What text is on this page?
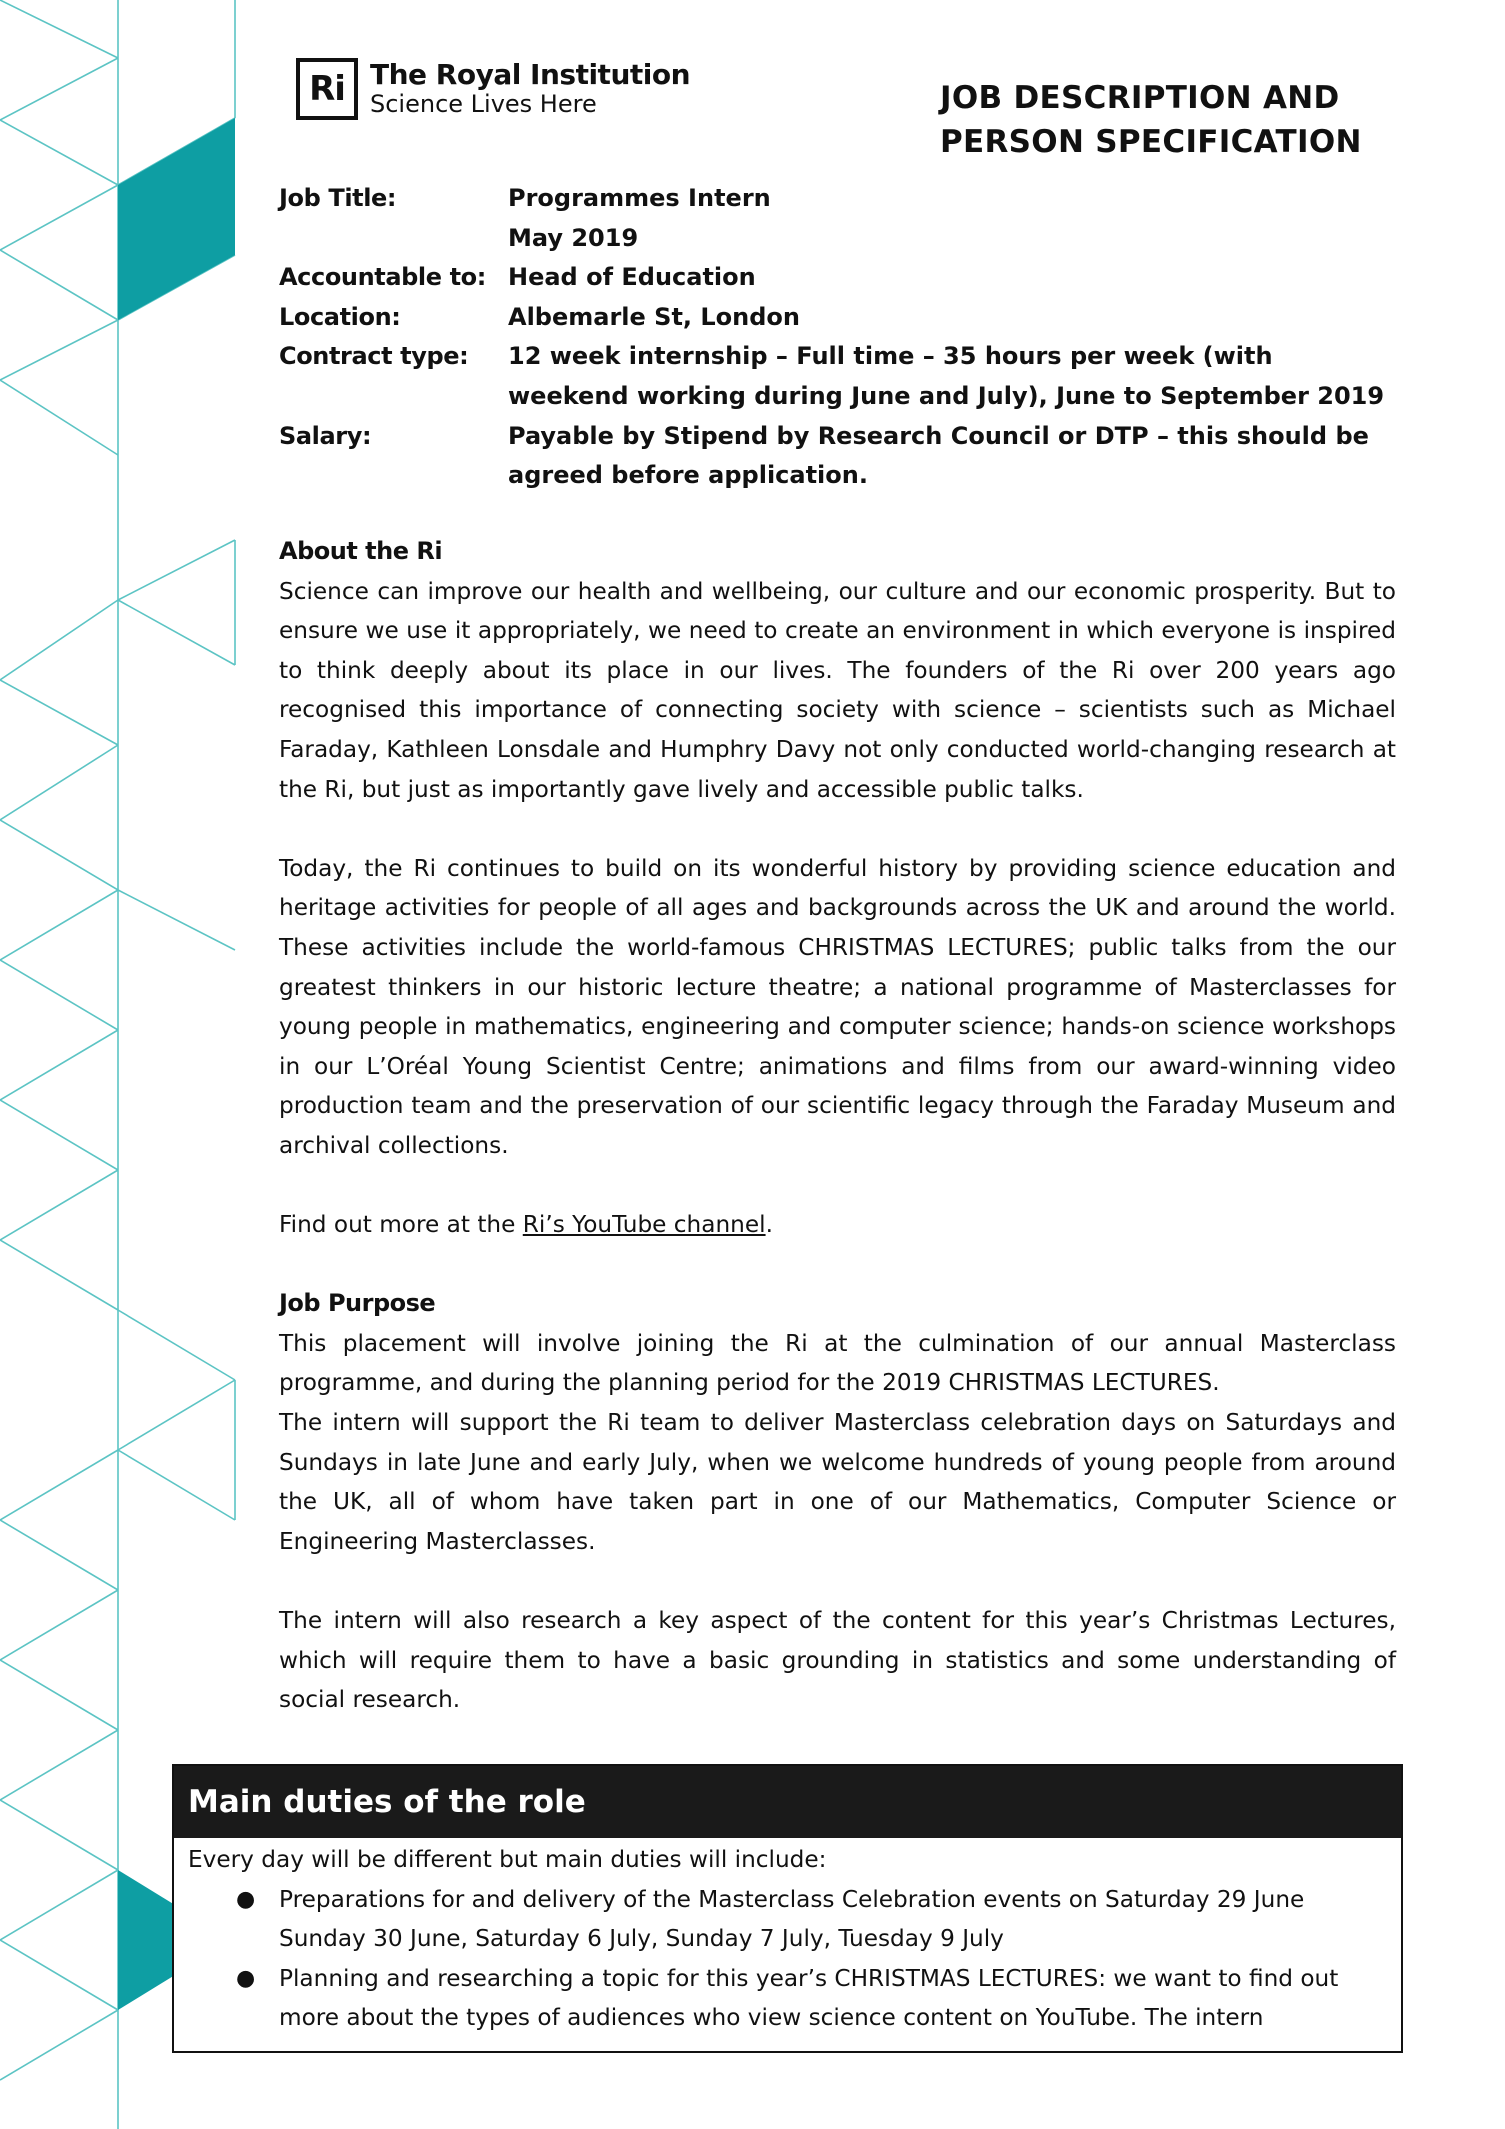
Ri The Royal Institution
Science Lives Here	JOB DESCRIPTION AND
PERSON SPECIFICATION
Job Title:	Programmes Intern
May 2019
Accountable to: Head of Education
Location:	Albemarle St, London
Contract type:	12 week internship – Full time – 35 hours per week (with weekend working during June and July), June to September 2019
Salary:	Payable by Stipend by Research Council or DTP – this should be agreed before application.
About the Ri
Science can improve our health and wellbeing, our culture and our economic prosperity. But to ensure we use it appropriately, we need to create an environment in which everyone is inspired to think deeply about its place in our lives. The founders of the Ri over 200 years ago recognised this importance of connecting society with science – scientists such as Michael Faraday, Kathleen Lonsdale and Humphry Davy not only conducted world-changing research at the Ri, but just as importantly gave lively and accessible public talks.
Today, the Ri continues to build on its wonderful history by providing science education and heritage activities for people of all ages and backgrounds across the UK and around the world. These activities include the world-famous CHRISTMAS LECTURES; public talks from the our greatest thinkers in our historic lecture theatre; a national programme of Masterclasses for young people in mathematics, engineering and computer science; hands-on science workshops in our L’Oréal Young Scientist Centre; animations and films from our award-winning video production team and the preservation of our scientific legacy through the Faraday Museum and archival collections.
Find out more at the Ri’s YouTube channel.
Job Purpose
This placement will involve joining the Ri at the culmination of our annual Masterclass programme, and during the planning period for the 2019 CHRISTMAS LECTURES.
The intern will support the Ri team to deliver Masterclass celebration days on Saturdays and Sundays in late June and early July, when we welcome hundreds of young people from around the UK, all of whom have taken part in one of our Mathematics, Computer Science or Engineering Masterclasses.
The intern will also research a key aspect of the content for this year’s Christmas Lectures, which will require them to have a basic grounding in statistics and some understanding of social research.
Main duties of the role
Every day will be different but main duties will include:
● Preparations for and delivery of the Masterclass Celebration events on Saturday 29 June Sunday 30 June, Saturday 6 July, Sunday 7 July, Tuesday 9 July
● Planning and researching a topic for this year’s CHRISTMAS LECTURES: we want to find out more about the types of audiences who view science content on YouTube. The intern
